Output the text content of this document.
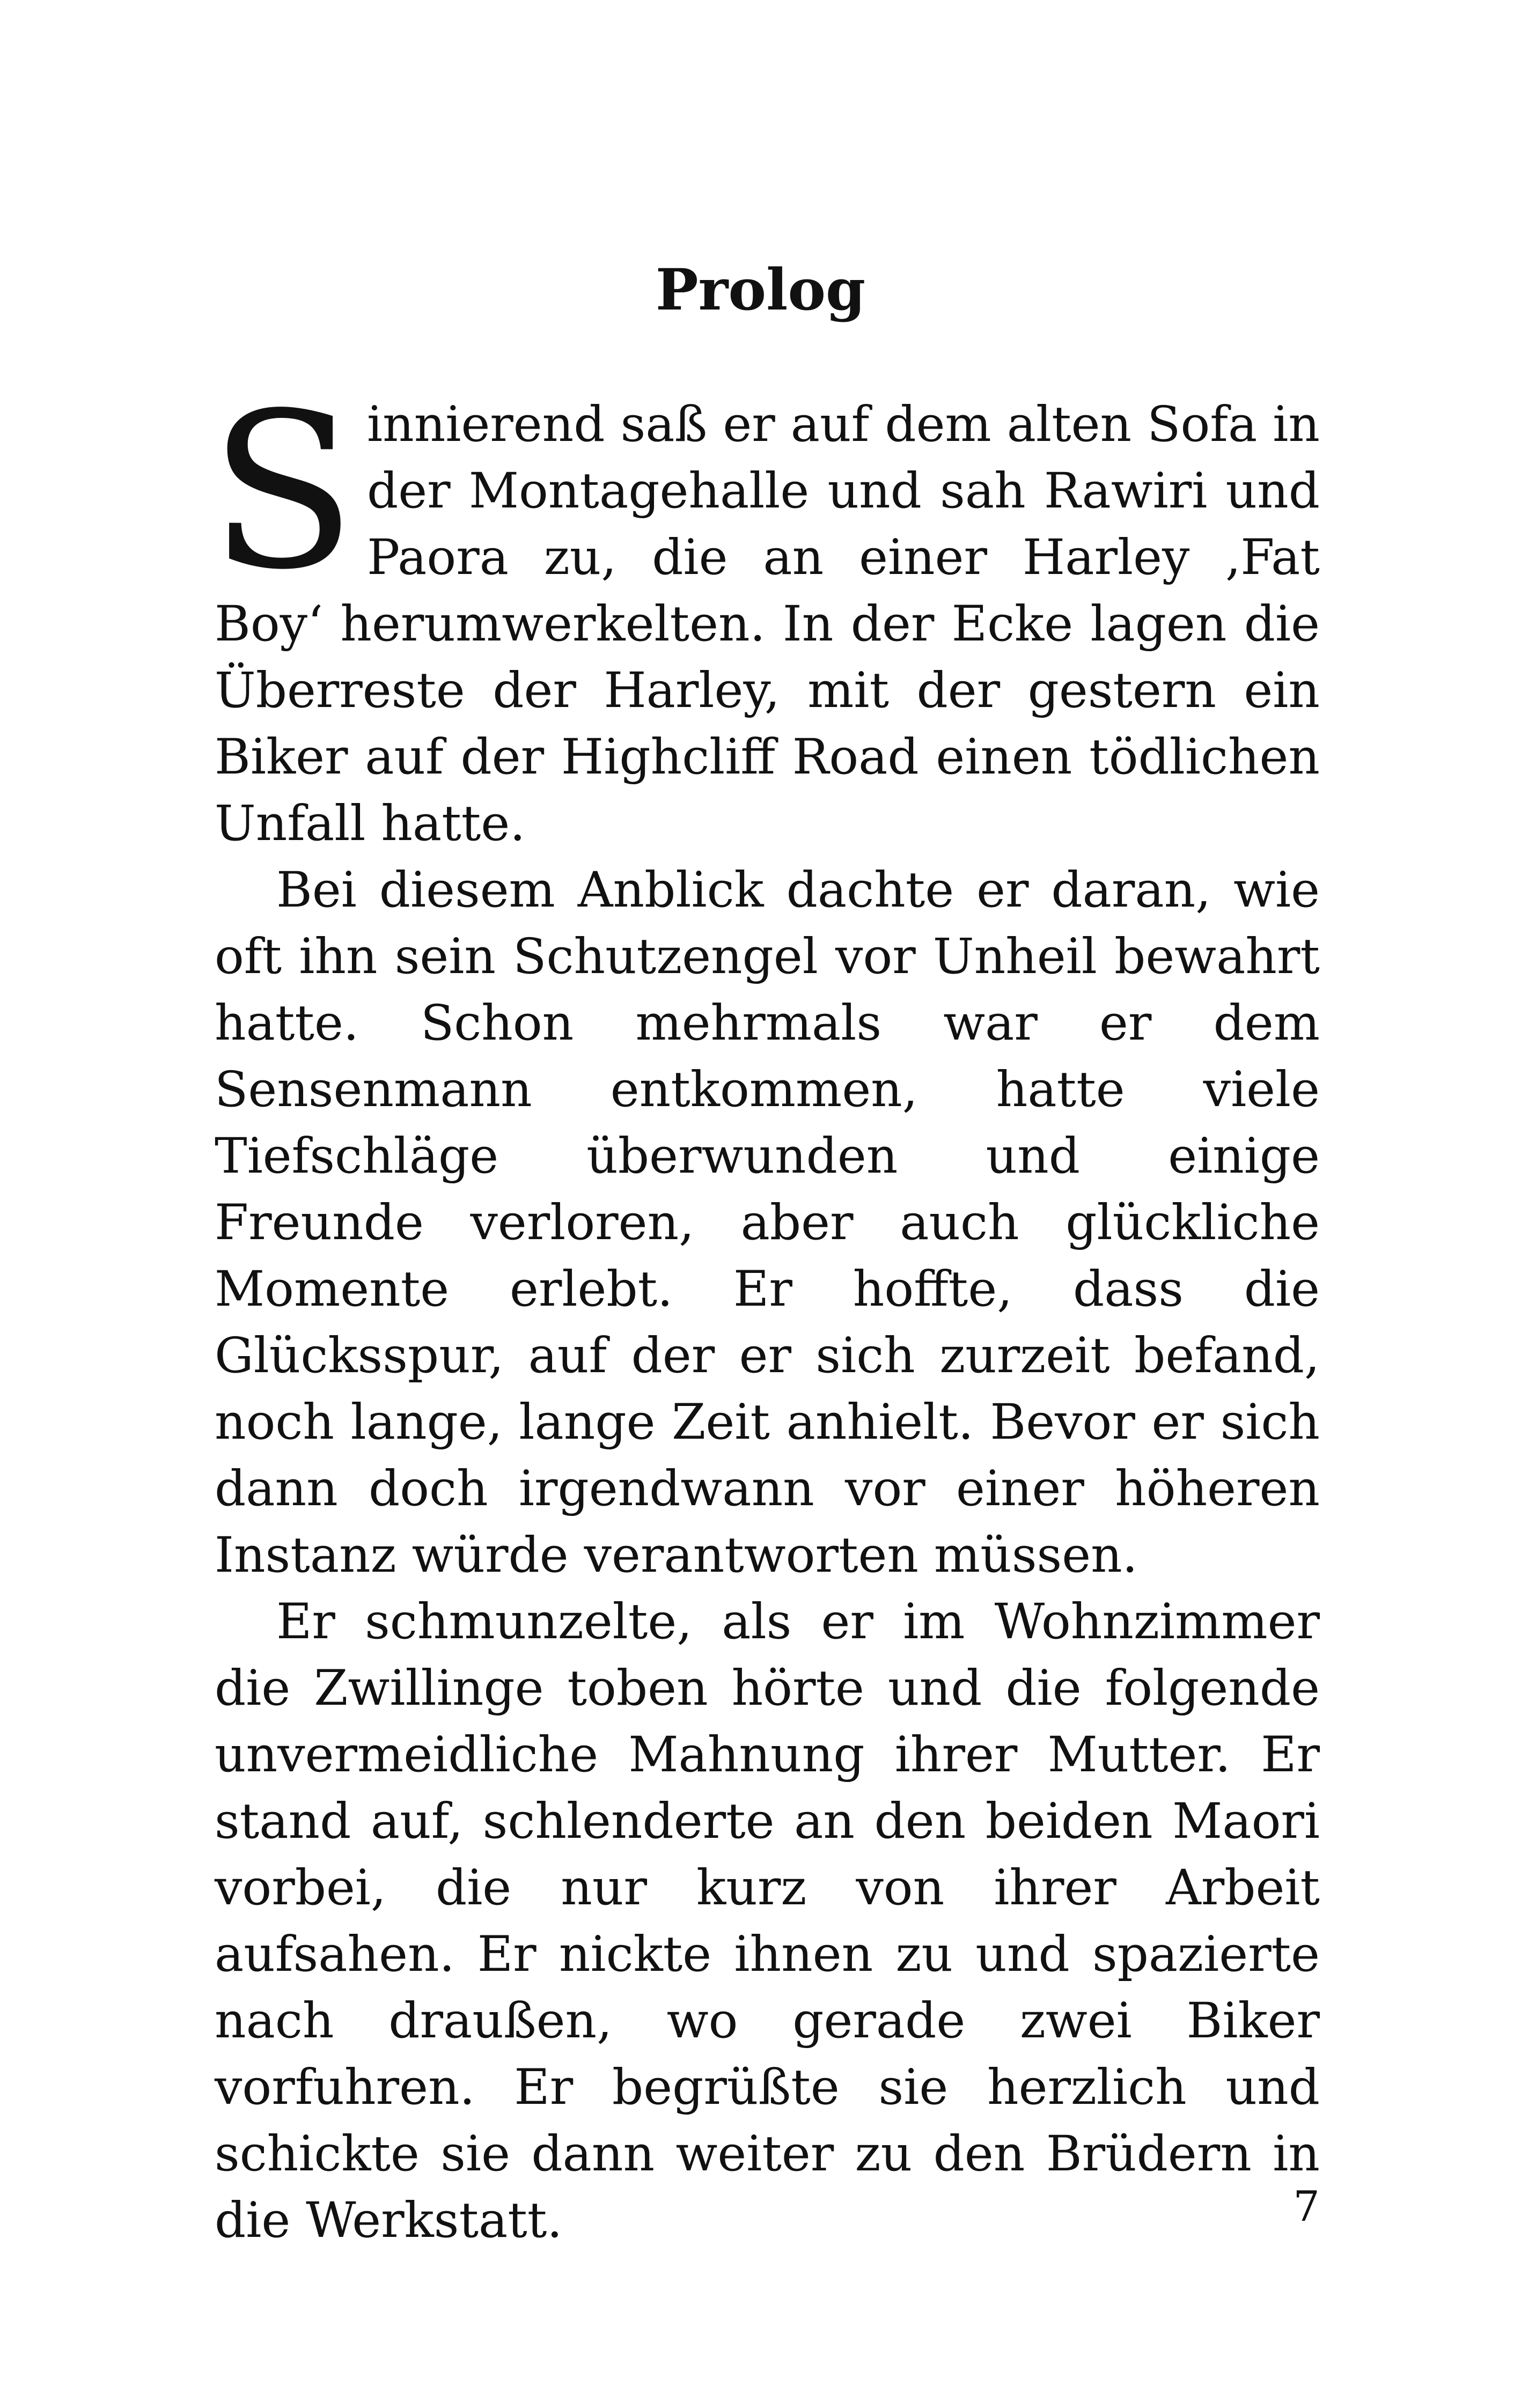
Prolog

Sinnierend saß er auf dem alten Sofa in der Montagehalle und sah Rawiri und Paora zu, die an einer Harley ‚Fat Boy‘ herumwerkelten. In der Ecke lagen die Überreste der Harley, mit der gestern ein Biker auf der Highcliff Road einen tödlichen Unfall hatte.

Bei diesem Anblick dachte er daran, wie oft ihn sein Schutzengel vor Unheil bewahrt hatte. Schon mehrmals war er dem Sensenmann entkommen, hatte viele Tiefschläge überwunden und einige Freunde verloren, aber auch glückliche Momente erlebt. Er hoffte, dass die Glücksspur, auf der er sich zurzeit befand, noch lange, lange Zeit anhielt. Bevor er sich dann doch irgendwann vor einer höheren Instanz würde verantworten müssen.

Er schmunzelte, als er im Wohnzimmer die Zwillinge toben hörte und die folgende unvermeidliche Mahnung ihrer Mutter. Er stand auf, schlenderte an den beiden Maori vorbei, die nur kurz von ihrer Arbeit aufsahen. Er nickte ihnen zu und spazierte nach draußen, wo gerade zwei Biker vorfuhren. Er begrüßte sie herzlich und schickte sie dann weiter zu den Brüdern in die Werkstatt.	7
